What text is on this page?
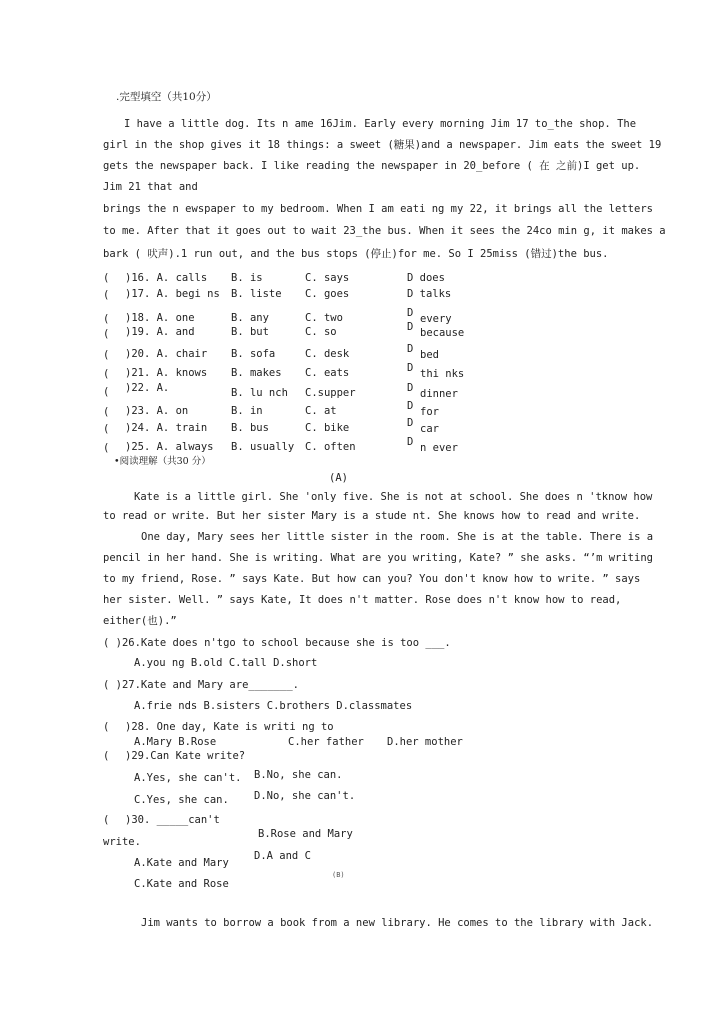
.完型填空（共10分）
I have a little dog. Its n ame 16Jim. Early every morning Jim 17 to_the shop. The
girl in the shop gives it 18 things: a sweet (糖果)and a newspaper. Jim eats the sweet 19
gets the newspaper back. I like reading the newspaper in 20_before ( 在 之前)I get up.
Jim 21 that and
brings the n ewspaper to my bedroom. When I am eati ng my 22, it brings all the letters
to me. After that it goes out to wait 23_the bus. When it sees the 24co min g, it makes a
bark ( 吠声).1 run out, and the bus stops (停止)for me. So I 25miss (错过)the bus.
( )16. A. calls B. is	C. says	D does
( )17. A. begi ns B. liste C. goes	D talks
( )18. A. one	B. any	C. two	D every
( )19. A. and	B. but	C. so	D because
( )20. A. chair B. sofa	C. desk	D bed
( )21. A. knows B. makes C. eats	D thi nks
( )22. A.	B. lu nch C.supper	D dinner
( )23. A. on	B. in	C. at	D for
( )24. A. train B. bus	C. bike	D car
( )25. A. always B. usually C. often	D n ever
•阅读理解（共30 分）
(A)
Kate is a little girl. She 'only five. She is not at school. She does n 'tknow how
to read or write. But her sister Mary is a stude nt. She knows how to read and write.
One day, Mary sees her little sister in the room. She is at the table. There is a
pencil in her hand. She is writing. What are you writing, Kate? ” she asks. “’m writing
to my friend, Rose. ” says Kate. But how can you? You don't know how to write. ” says
her sister. Well. ” says Kate, It does n't matter. Rose does n't know how to read,
either(也).”
( )26.Kate does n'tgo to school because she is too ___.
A.you ng B.old C.tall D.short
( )27.Kate and Mary are_______.
A.frie nds B.sisters C.brothers D.classmates
( )28. One day, Kate is writi ng to
A.Mary B.Rose	C.her father D.her mother
( )29.Can Kate write?
A.Yes, she can't. B.No, she can.
C.Yes, she can. D.No, she can't.
( )30. _____can't
write.
B.Rose and Mary
D.A and C
A.Kate and Mary
C.Kate and Rose
(B)
Jim wants to borrow a book from a new library. He comes to the library with Jack.
